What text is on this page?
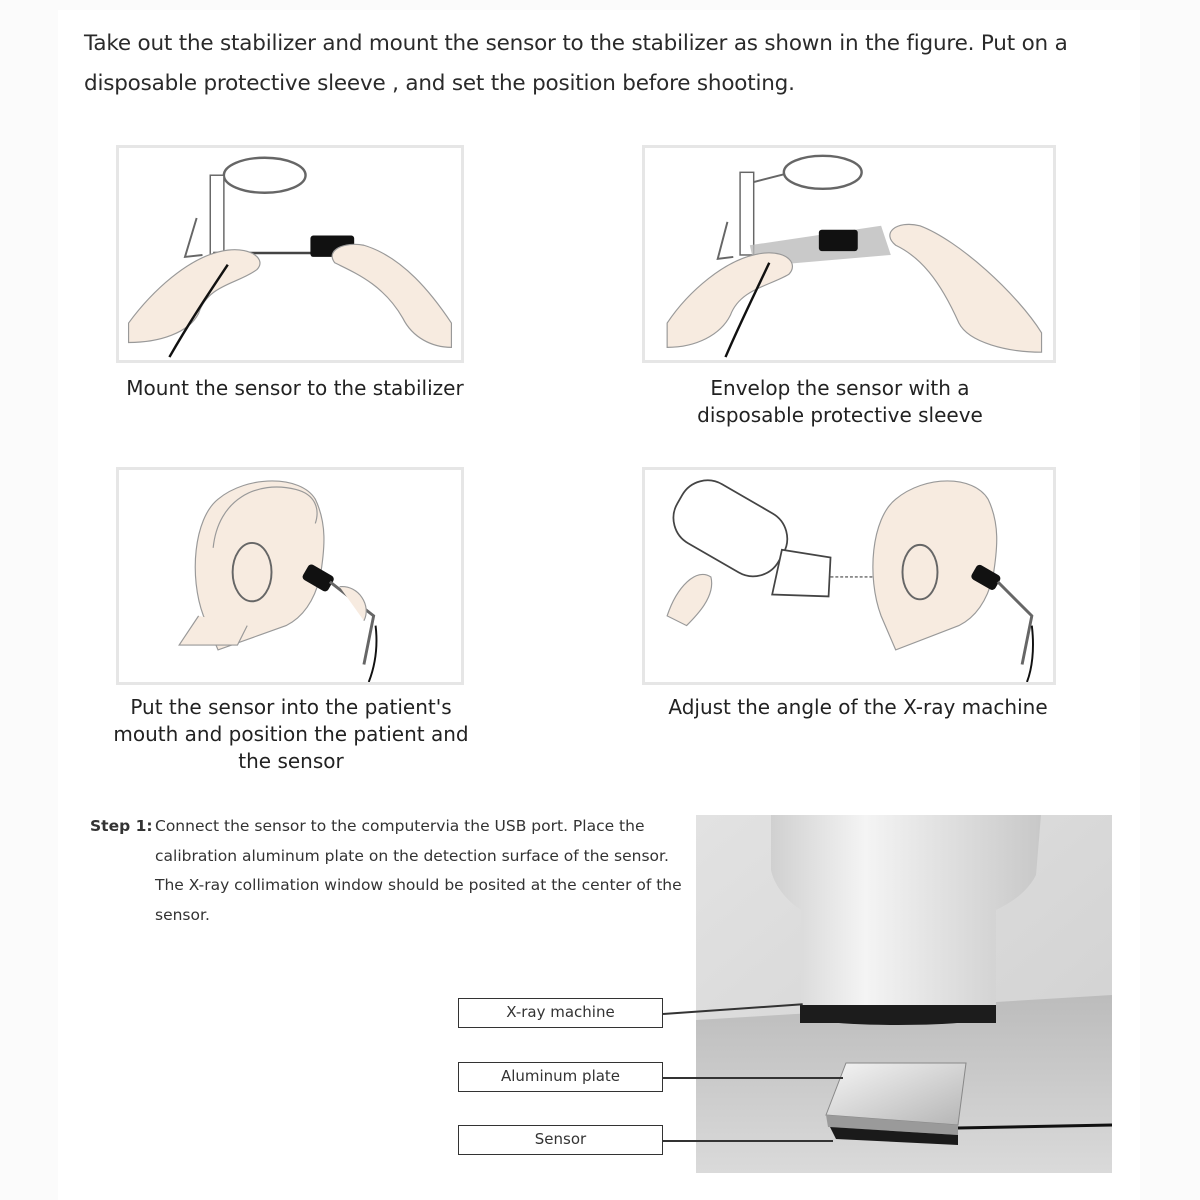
Take out the stabilizer and mount the sensor to the stabilizer as shown in the figure. Put on a disposable protective sleeve , and set the position before shooting.

Mount the sensor to the stabilizer	Envelop the sensor with a disposable protective sleeve

Put the sensor into the patient's mouth and position the patient and the sensor

Adjust the angle of the X-ray machine

Step 1: Connect the sensor to the computervia the USB port. Place the calibration aluminum plate on the detection surface of the sensor. The X-ray collimation window should be posited at the center of the sensor.
X-ray machine
Aluminum plate
Sensor
